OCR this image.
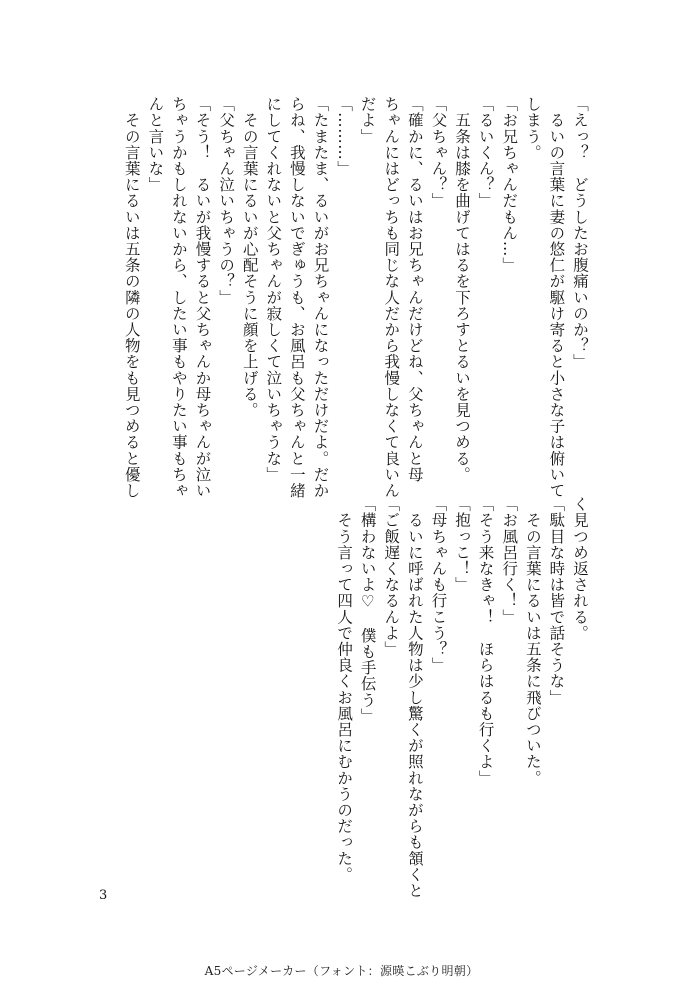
「えっ？　どうしたお腹痛いのか？」
　るいの言葉に妻の悠仁が駆け寄ると小さな子は俯いて
しまう。
「お兄ちゃんだもん…」
「るいくん？」
　五条は膝を曲げてはるを下ろすとるいを見つめる。
「父ちゃん？」
「確かに、るいはお兄ちゃんだけどね、父ちゃんと母
ちゃんにはどっちも同じな人だから我慢しなくて良いん
だよ」
「………」
「たまたま、るいがお兄ちゃんになっただけだよ。だか
らね、我慢しないでぎゅうも、お風呂も父ちゃんと一緒
にしてくれないと父ちゃんが寂しくて泣いちゃうな」
　その言葉にるいが心配そうに顔を上げる。
「父ちゃん泣いちゃうの？」
「そう！　るいが我慢すると父ちゃんか母ちゃんが泣い
ちゃうかもしれないから、したい事もやりたい事もちゃ
んと言いな」
　その言葉にるいは五条の隣の人物をも見つめると優し
く見つめ返される。
「駄目な時は皆で話そうな」
　その言葉にるいは五条に飛びついた。
「お風呂行く！」
「そう来なきゃ！　ほらはるも行くよ」
「抱っこ！」
「母ちゃんも行こう？」
　るいに呼ばれた人物は少し驚くが照れながらも頷くと
「ご飯遅くなるんよ」
「構わないよ♡　僕も手伝う」
　そう言って四人で仲良くお風呂にむかうのだった。
3
A5ページメーカー（フォント：源暎こぶり明朝）
